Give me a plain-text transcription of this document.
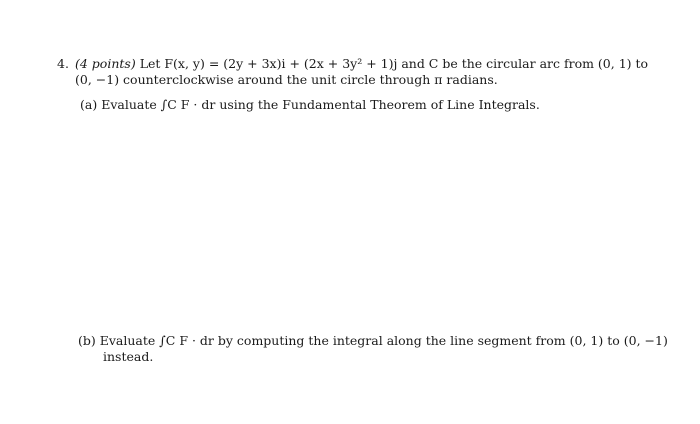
4. (4 points) Let F(x, y) = (2y + 3x)i + (2x + 3y² + 1)j and C be the circular arc from (0, 1) to
(0, −1) counterclockwise around the unit circle through π radians.
(a) Evaluate ∫C F · dr using the Fundamental Theorem of Line Integrals.
(b) Evaluate ∫C F · dr by computing the integral along the line segment from (0, 1) to (0, −1)
instead.
